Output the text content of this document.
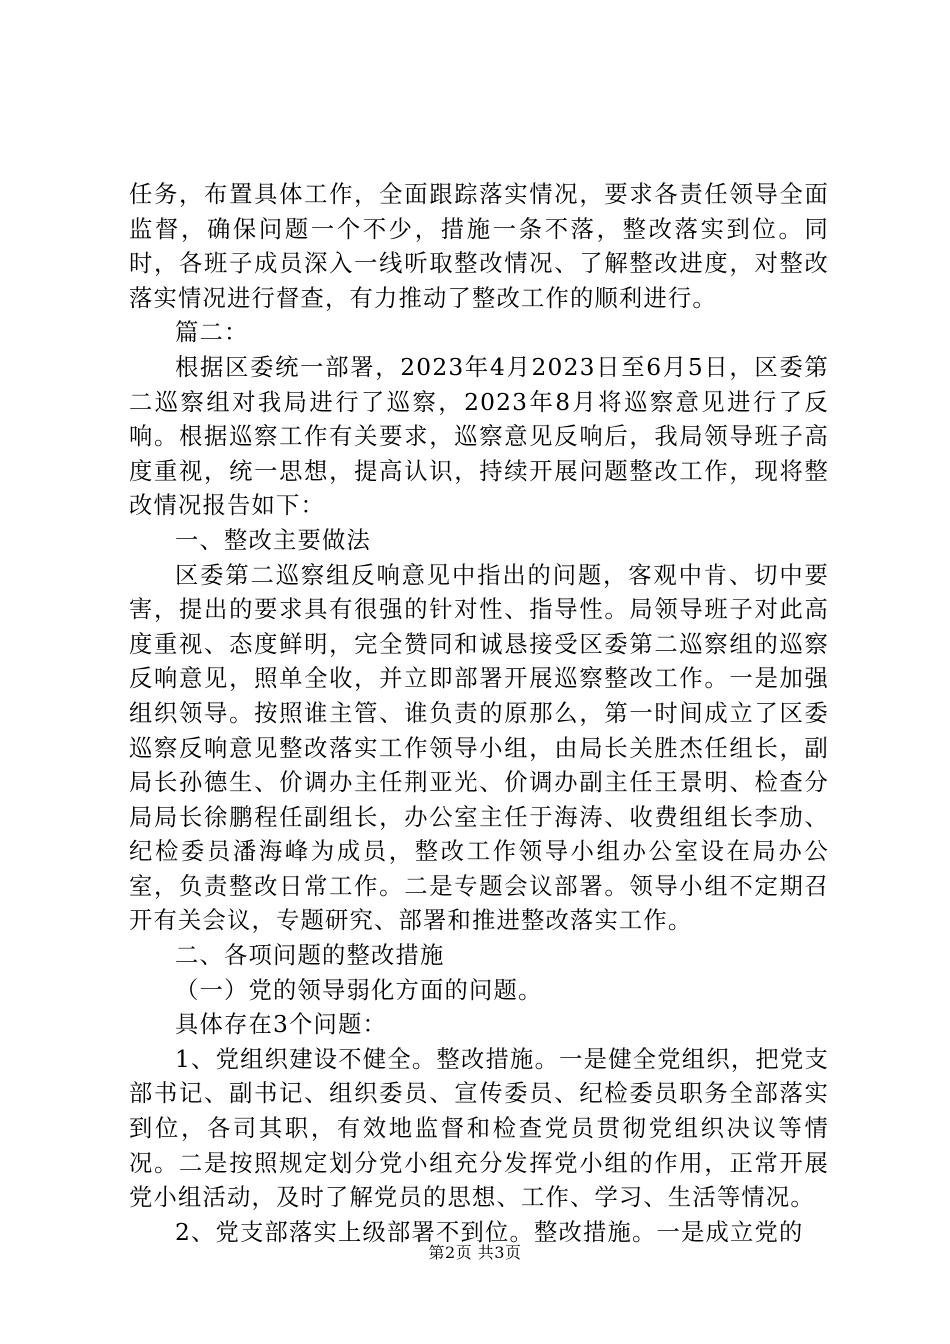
任务，布置具体工作，全面跟踪落实情况，要求各责任领导全面监督，确保问题一个不少，措施一条不落，整改落实到位。同时，各班子成员深入一线听取整改情况、了解整改进度，对整改落实情况进行督查，有力推动了整改工作的顺利进行。

篇二：

根据区委统一部署，2023年4月2023日至6月5日，区委第二巡察组对我局进行了巡察，2023年8月将巡察意见进行了反响。根据巡察工作有关要求，巡察意见反响后，我局领导班子高度重视，统一思想，提高认识，持续开展问题整改工作，现将整改情况报告如下：

一、整改主要做法

区委第二巡察组反响意见中指出的问题，客观中肯、切中要害，提出的要求具有很强的针对性、指导性。局领导班子对此高度重视、态度鲜明，完全赞同和诚恳接受区委第二巡察组的巡察反响意见，照单全收，并立即部署开展巡察整改工作。一是加强组织领导。按照谁主管、谁负责的原那么，第一时间成立了区委巡察反响意见整改落实工作领导小组，由局长关胜杰任组长，副局长孙德生、价调办主任荆亚光、价调办副主任王景明、检查分局局长徐鹏程任副组长，办公室主任于海涛、收费组组长李劢、纪检委员潘海峰为成员，整改工作领导小组办公室设在局办公室，负责整改日常工作。二是专题会议部署。领导小组不定期召开有关会议，专题研究、部署和推进整改落实工作。

二、各项问题的整改措施

（一）党的领导弱化方面的问题。

具体存在3个问题：

1、党组织建设不健全。整改措施。一是健全党组织，把党支部书记、副书记、组织委员、宣传委员、纪检委员职务全部落实到位，各司其职，有效地监督和检查党员贯彻党组织决议等情况。二是按照规定划分党小组充分发挥党小组的作用，正常开展党小组活动，及时了解党员的思想、工作、学习、生活等情况。

2、党支部落实上级部署不到位。整改措施。一是成立党的

第2页 共3页
